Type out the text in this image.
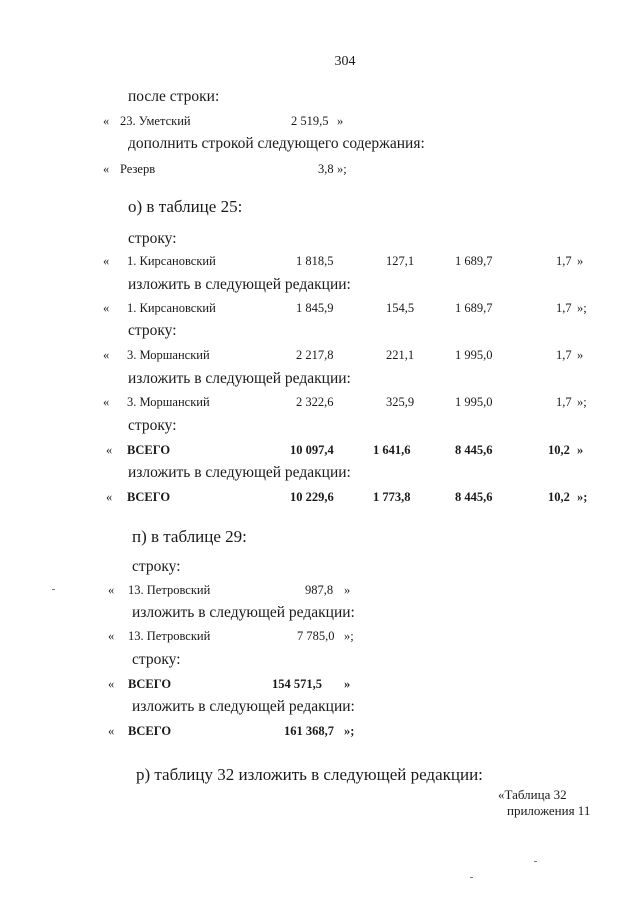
304
после строки:
« 23. Уметский	2 519,5 »
дополнить строкой следующего содержания:
« Резерв	3,8 »;
о) в таблице 25:
строку:
« 1. Кирсановский	1 818,5	127,1	1 689,7	1,7 »
изложить в следующей редакции:
« 1. Кирсановский	1 845,9	154,5	1 689,7	1,7 »;
строку:
« 3. Моршанский	2 217,8	221,1	1 995,0	1,7 »
изложить в следующей редакции:
« 3. Моршанский	2 322,6	325,9	1 995,0	1,7 »;
строку:
« ВСЕГО	10 097,4	1 641,6	8 445,6	10,2 »
изложить в следующей редакции:
« ВСЕГО	10 229,6	1 773,8	8 445,6	10,2 »;
п) в таблице 29:
строку:
« 13. Петровский	987,8 »
изложить в следующей редакции:
« 13. Петровский	7 785,0 »;
строку:
« ВСЕГО	154 571,5 »
изложить в следующей редакции:
« ВСЕГО	161 368,7 »;
р) таблицу 32 изложить в следующей редакции:
«Таблица 32
приложения 11
